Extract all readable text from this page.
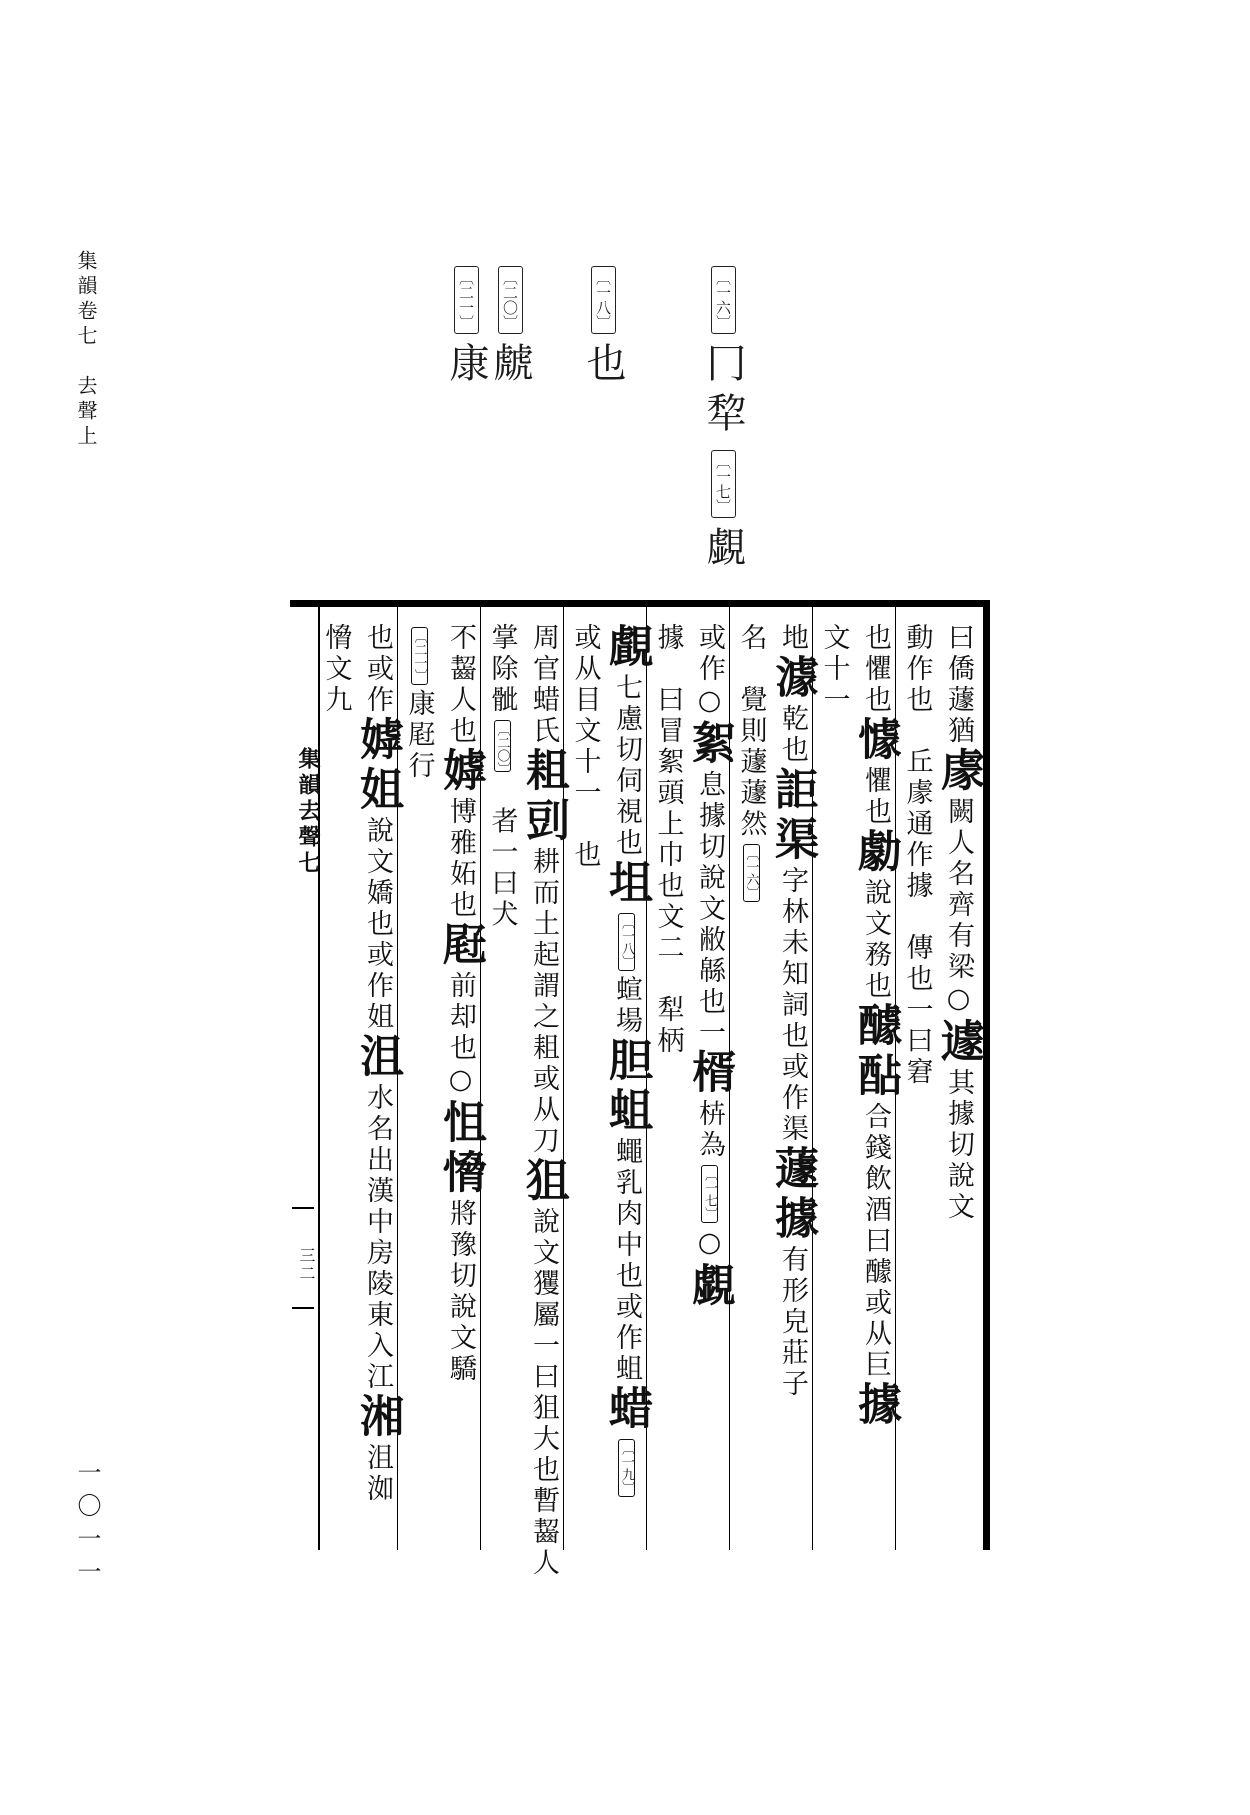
集韻卷七　去聲上
一〇一一
〔一六〕冂犂〔一七〕覷
〔一八〕也
〔二〇〕虤
〔二一〕康
集韻去聲七
三二
曰僑蘧猶豦闕人名齊有梁○遽其據切說文
動作也　丘豦通作據　傳也一曰窘
也懼也懅懼也勮說文務也醵酟合錢飲酒曰醵或从巨據
文十一
地澽乾也詎渠字林未知詞也或作渠蘧據有形皃莊子
名　覺則蘧蘧然〔一六〕
或作○絮息據切說文敝緜也一楈枿為〔一七〕○覷
據　曰冒絮頭上巾也文二　犁柄
覰七慮切伺視也坥〔一八〕蝖場胆蛆蠅乳肉中也或作蛆蜡〔一九〕
或从目文十一　也
周官蜡氏耝剅耕而土起謂之耝或从刀狙說文玃屬一曰狙大也暫齧人
掌除骴〔二〇〕　者一曰犬
不齧人也嫭博雅妬也屘前却也○怚愶將豫切說文驕
〔二一〕康屘行
也或作嫭姐說文嬌也或作姐沮水名出漢中房陵東入江湘沮洳
愶文九
